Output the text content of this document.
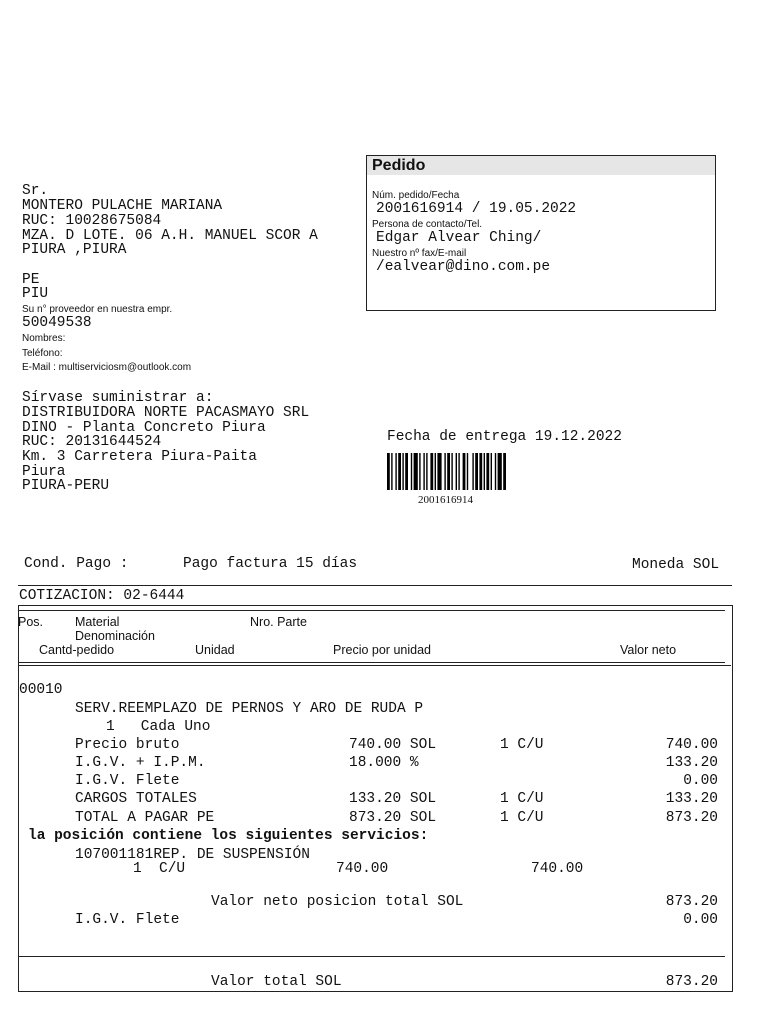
Pedido
Núm. pedido/Fecha
2001616914 / 19.05.2022
Persona de contacto/Tel.
Edgar Alvear Ching/
Nuestro nº fax/E-mail
/ealvear@dino.com.pe
Sr.
MONTERO PULACHE MARIANA
RUC: 10028675084
MZA. D LOTE. 06 A.H. MANUEL SCOR A
PIURA ,PIURA
PE
PIU
Su n° proveedor en nuestra empr.
50049538
Nombres:
Teléfono:
E-Mail : multiserviciosm@outlook.com
Sírvase suministrar a:
DISTRIBUIDORA NORTE PACASMAYO SRL
DINO - Planta Concreto Piura
RUC: 20131644524
Km. 3 Carretera Piura-Paita
Piura
PIURA-PERU
Fecha de entrega 19.12.2022
2001616914
Cond. Pago :	Pago factura 15 días	Moneda SOL
COTIZACION: 02-6444
Pos.	Material	Nro. Parte
Denominación
Cantd-pedido	Unidad	Precio por unidad	Valor neto
00010
SERV.REEMPLAZO DE PERNOS Y ARO DE RUDA P
1   Cada Uno
Precio bruto	740.00 SOL	1 C/U	740.00
I.G.V. + I.P.M.	18.000 %	133.20
I.G.V. Flete	0.00
CARGOS TOTALES	133.20 SOL	1 C/U	133.20
TOTAL A PAGAR PE	873.20 SOL	1 C/U	873.20
la posición contiene los siguientes servicios:
107001181REP. DE SUSPENSIÓN
1 C/U	740.00	740.00
Valor neto posicion total SOL	873.20
I.G.V. Flete	0.00
Valor total SOL	873.20
